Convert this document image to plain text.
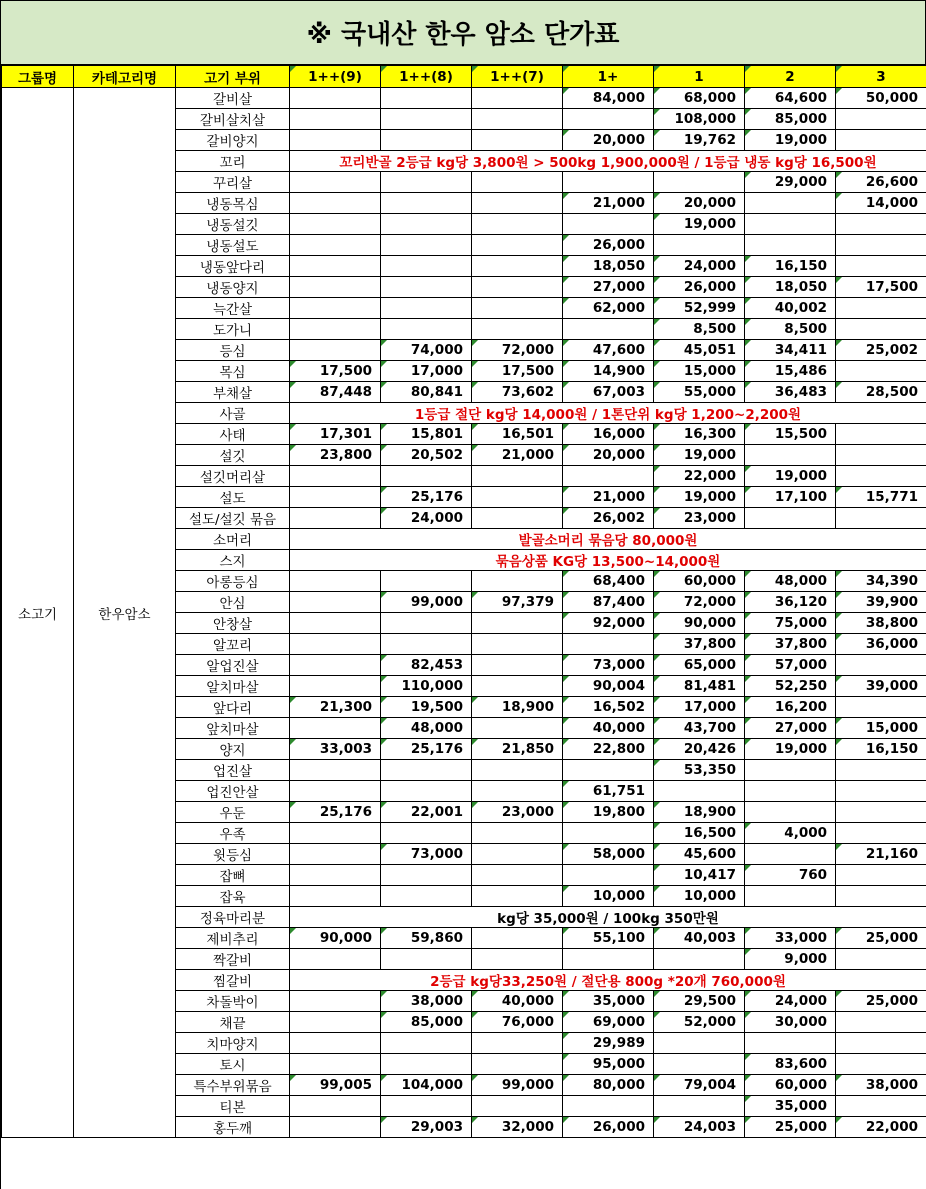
※ 국내산 한우 암소 단가표
그룹명	카테고리명	고기 부위	1++(9)	1++(8)	1++(7)	1+	1	2	3
소고기	한우암소	갈비살				84,000	68,000	64,600	50,000
		갈비살치살					108,000	85,000	
		갈비양지				20,000	19,762	19,000	
		꼬리	꼬리반골 2등급 kg당 3,800원 > 500kg 1,900,000원 / 1등급 냉동 kg당 16,500원						
		꾸리살						29,000	26,600
		냉동목심				21,000	20,000		14,000
		냉동설깃					19,000		
		냉동설도				26,000			
		냉동앞다리				18,050	24,000	16,150	
		냉동양지				27,000	26,000	18,050	17,500
		늑간살				62,000	52,999	40,002	
		도가니					8,500	8,500	
		등심		74,000	72,000	47,600	45,051	34,411	25,002
		목심	17,500	17,000	17,500	14,900	15,000	15,486	
		부채살	87,448	80,841	73,602	67,003	55,000	36,483	28,500
		사골	1등급 절단 kg당 14,000원 / 1톤단위 kg당 1,200~2,200원						
		사태	17,301	15,801	16,501	16,000	16,300	15,500	
		설깃	23,800	20,502	21,000	20,000	19,000		
		설깃머리살					22,000	19,000	
		설도		25,176		21,000	19,000	17,100	15,771
		설도/설깃 묶음		24,000		26,002	23,000		
		소머리	발골소머리 묶음당 80,000원						
		스지	묶음상품 KG당 13,500~14,000원						
		아롱등심				68,400	60,000	48,000	34,390
		안심		99,000	97,379	87,400	72,000	36,120	39,900
		안창살				92,000	90,000	75,000	38,800
		알꼬리					37,800	37,800	36,000
		알업진살		82,453		73,000	65,000	57,000	
		알치마살		110,000		90,004	81,481	52,250	39,000
		앞다리	21,300	19,500	18,900	16,502	17,000	16,200	
		앞치마살		48,000		40,000	43,700	27,000	15,000
		양지	33,003	25,176	21,850	22,800	20,426	19,000	16,150
		업진살					53,350		
		업진안살				61,751			
		우둔	25,176	22,001	23,000	19,800	18,900		
		우족					16,500	4,000	
		윗등심		73,000		58,000	45,600		21,160
		잡뼈					10,417	760	
		잡육				10,000	10,000		
		정육마리분	kg당 35,000원 / 100kg 350만원						
		제비추리	90,000	59,860		55,100	40,003	33,000	25,000
		짝갈비						9,000	
		찜갈비	2등급 kg당33,250원 / 절단용 800g *20개 760,000원						
		차돌박이		38,000	40,000	35,000	29,500	24,000	25,000
		채끝		85,000	76,000	69,000	52,000	30,000	
		치마양지				29,989			
		토시				95,000		83,600	
		특수부위묶음	99,005	104,000	99,000	80,000	79,004	60,000	38,000
		티본						35,000	
		홍두깨		29,003	32,000	26,000	24,003	25,000	22,000
